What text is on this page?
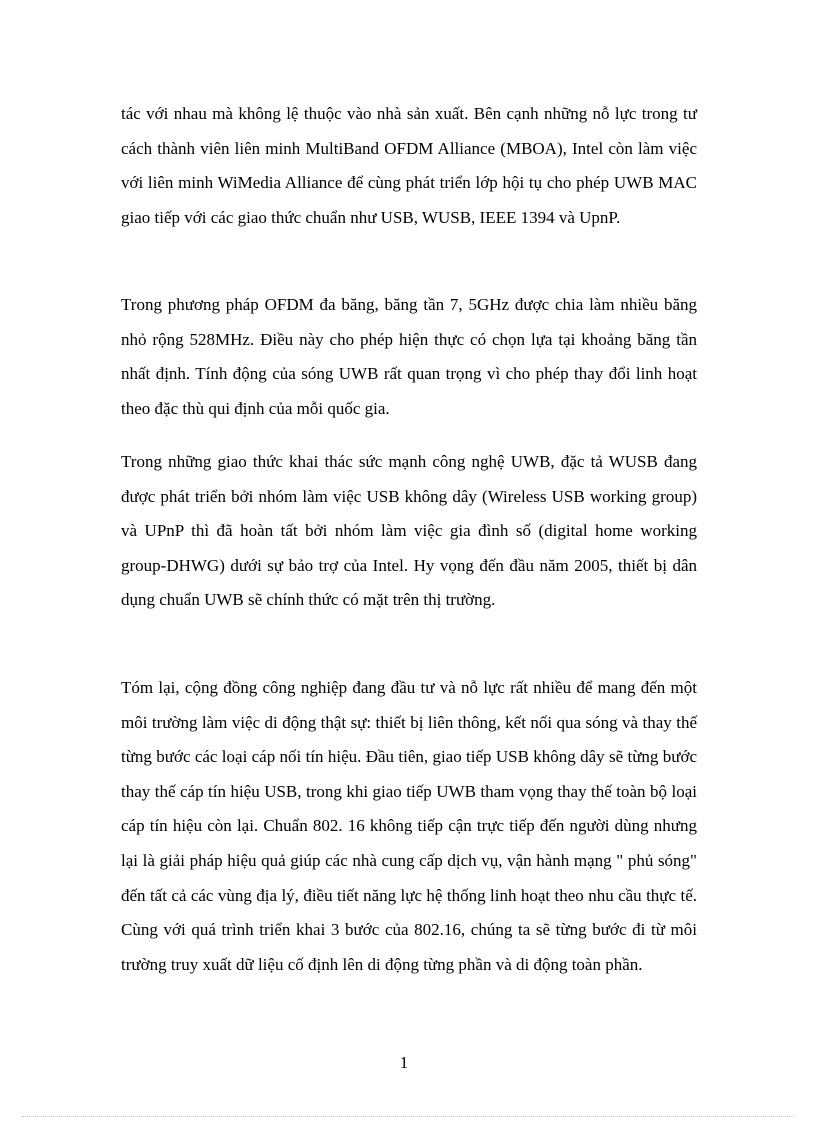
tác với nhau mà không lệ thuộc vào nhà sản xuất. Bên cạnh những nỗ lực trong tư cách thành viên liên minh MultiBand OFDM Alliance (MBOA), Intel còn làm việc với liên minh WiMedia Alliance để cùng phát triển lớp hội tụ cho phép UWB MAC giao tiếp với các giao thức chuẩn như USB, WUSB, IEEE 1394 và UpnP.

Trong phương pháp OFDM đa băng, băng tần 7, 5GHz được chia làm nhiều băng nhỏ rộng 528MHz. Điều này cho phép hiện thực có chọn lựa tại khoảng băng tần nhất định. Tính động của sóng UWB rất quan trọng vì cho phép thay đổi linh hoạt theo đặc thù qui định của mỗi quốc gia.

Trong những giao thức khai thác sức mạnh công nghệ UWB, đặc tả WUSB đang được phát triển bởi nhóm làm việc USB không dây (Wireless USB working group) và UPnP thì đã hoàn tất bởi nhóm làm việc gia đình số (digital home working group-DHWG) dưới sự bảo trợ của Intel. Hy vọng đến đầu năm 2005, thiết bị dân dụng chuẩn UWB sẽ chính thức có mặt trên thị trường.

Tóm lại, cộng đồng công nghiệp đang đầu tư và nỗ lực rất nhiều để mang đến một môi trường làm việc di động thật sự: thiết bị liên thông, kết nối qua sóng và thay thế từng bước các loại cáp nối tín hiệu. Đầu tiên, giao tiếp USB không dây sẽ từng bước thay thế cáp tín hiệu USB, trong khi giao tiếp UWB tham vọng thay thế toàn bộ loại cáp tín hiệu còn lại. Chuẩn 802. 16 không tiếp cận trực tiếp đến người dùng nhưng lại là giải pháp hiệu quả giúp các nhà cung cấp dịch vụ, vận hành mạng " phủ sóng" đến tất cả các vùng địa lý, điều tiết năng lực hệ thống linh hoạt theo nhu cầu thực tế. Cùng với quá trình triển khai 3 bước của 802.16, chúng ta sẽ từng bước đi từ môi trường truy xuất dữ liệu cố định lên di động từng phần và di động toàn phần.

1
